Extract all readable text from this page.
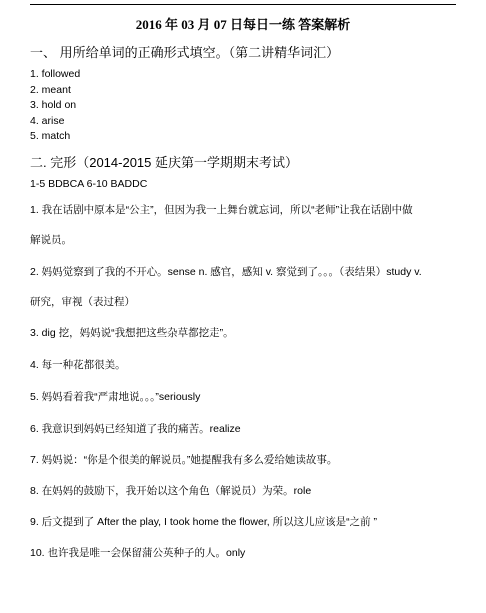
2016 年 03 月 07 日每日一练 答案解析
一、 用所给单词的正确形式填空。（第二讲精华词汇）
1. followed
2. meant
3. hold on
4. arise
5. match
二. 完形（2014-2015 延庆第一学期期末考试）
1-5 BDBCA 6-10 BADDC
1. 我在话剧中原本是“公主”，但因为我一上舞台就忘词，所以“老师”让我在话剧中做
解说员。
2. 妈妈觉察到了我的不开心。sense n. 感官，感知 v. 察觉到了。。。（表结果）study v.
研究，审视（表过程）
3. dig 挖，妈妈说“我想把这些杂草都挖走”。
4. 每一种花都很美。
5. 妈妈看着我“严肃地说。。。”seriously
6. 我意识到妈妈已经知道了我的痛苦。realize
7. 妈妈说：“你是个很美的解说员。”她提醒我有多么爱给她读故事。
8. 在妈妈的鼓励下，我开始以这个角色（解说员）为荣。role
9. 后文提到了 After the play, I took home the flower, 所以这儿应该是“之前 ”
10. 也许我是唯一会保留蒲公英种子的人。only
